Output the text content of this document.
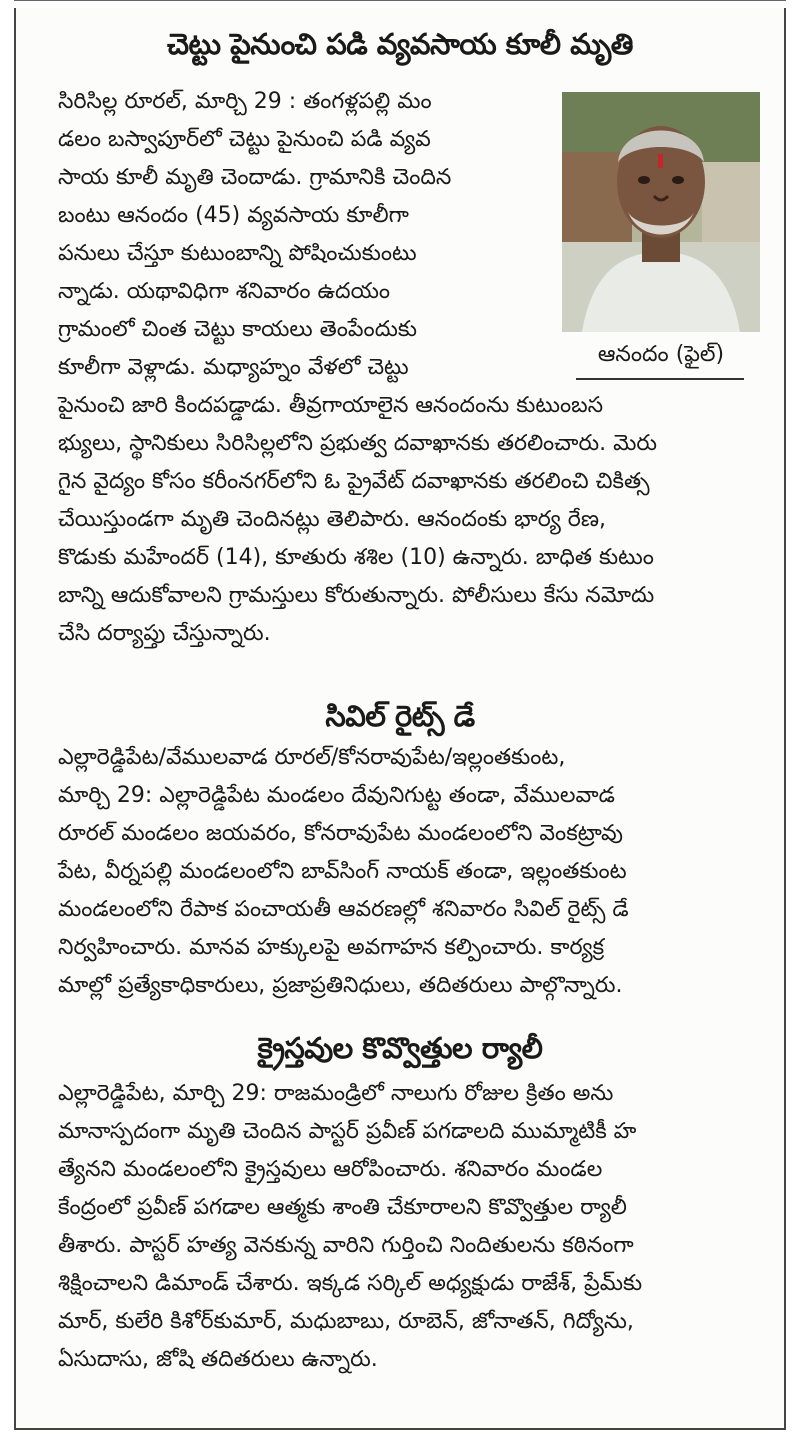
చెట్టు పైనుంచి పడి వ్యవసాయ కూలీ మృతి

సిరిసిల్ల రూరల్, మార్చి 29 : తంగళ్లపల్లి మం

డలం బస్వాపూర్‌లో చెట్టు పైనుంచి పడి వ్యవ

సాయ కూలీ మృతి చెందాడు. గ్రామానికి చెందిన

బంటు ఆనందం (45) వ్యవసాయ కూలీగా

పనులు చేస్తూ కుటుంబాన్ని పోషించుకుంటు

న్నాడు. యథావిధిగా శనివారం ఉదయం

గ్రామంలో చింత చెట్టు కాయలు తెంపేందుకు

కూలీగా వెళ్లాడు. మధ్యాహ్నం వేళలో చెట్టు

పైనుంచి జారి కిందపడ్డాడు. తీవ్రగాయాలైన ఆనందంను కుటుంబస

భ్యులు, స్థానికులు సిరిసిల్లలోని ప్రభుత్వ దవాఖానకు తరలించారు. మెరు

గైన వైద్యం కోసం కరీంనగర్‌లోని ఓ ప్రైవేట్ దవాఖానకు తరలించి చికిత్స

చేయిస్తుండగా మృతి చెందినట్లు తెలిపారు. ఆనందంకు భార్య రేణ,

కొడుకు మహేందర్ (14), కూతురు శశిల (10) ఉన్నారు. బాధిత కుటుం

బాన్ని ఆదుకోవాలని గ్రామస్తులు కోరుతున్నారు. పోలీసులు కేసు నమోదు

చేసి దర్యాప్తు చేస్తున్నారు.

ఆనందం (ఫైల్)
సివిల్ రైట్స్ డే

ఎల్లారెడ్డిపేట/వేములవాడ రూరల్/కోనరావుపేట/ఇల్లంతకుంట,

మార్చి 29: ఎల్లారెడ్డిపేట మండలం దేవునిగుట్ట తండా, వేములవాడ

రూరల్ మండలం జయవరం, కోనరావుపేట మండలంలోని వెంకట్రావు

పేట, వీర్నపల్లి మండలంలోని బావ్‌సింగ్ నాయక్ తండా, ఇల్లంతకుంట

మండలంలోని రేపాక పంచాయతీ ఆవరణల్లో శనివారం సివిల్ రైట్స్ డే

నిర్వహించారు. మానవ హక్కులపై అవగాహన కల్పించారు. కార్యక్ర

మాల్లో ప్రత్యేకాధికారులు, ప్రజాప్రతినిధులు, తదితరులు పాల్గొన్నారు.

క్రైస్తవుల కొవ్వొత్తుల ర్యాలీ

ఎల్లారెడ్డిపేట, మార్చి 29: రాజమండ్రిలో నాలుగు రోజుల క్రితం అను

మానాస్పదంగా మృతి చెందిన పాస్టర్ ప్రవీణ్ పగడాలది ముమ్మాటికీ హ

త్యేనని మండలంలోని క్రైస్తవులు ఆరోపించారు. శనివారం మండల

కేంద్రంలో ప్రవీణ్ పగడాల ఆత్మకు శాంతి చేకూరాలని కొవ్వొత్తుల ర్యాలీ

తీశారు. పాస్టర్ హత్య వెనకున్న వారిని గుర్తించి నిందితులను కఠినంగా

శిక్షించాలని డిమాండ్ చేశారు. ఇక్కడ సర్కిల్ అధ్యక్షుడు రాజేశ్, ప్రేమ్‌కు

మార్, కులేరి కిశోర్‌కుమార్, మధుబాబు, రూబెన్, జోనాతన్, గిద్యోను,

ఏసుదాసు, జోషి తదితరులు ఉన్నారు.
